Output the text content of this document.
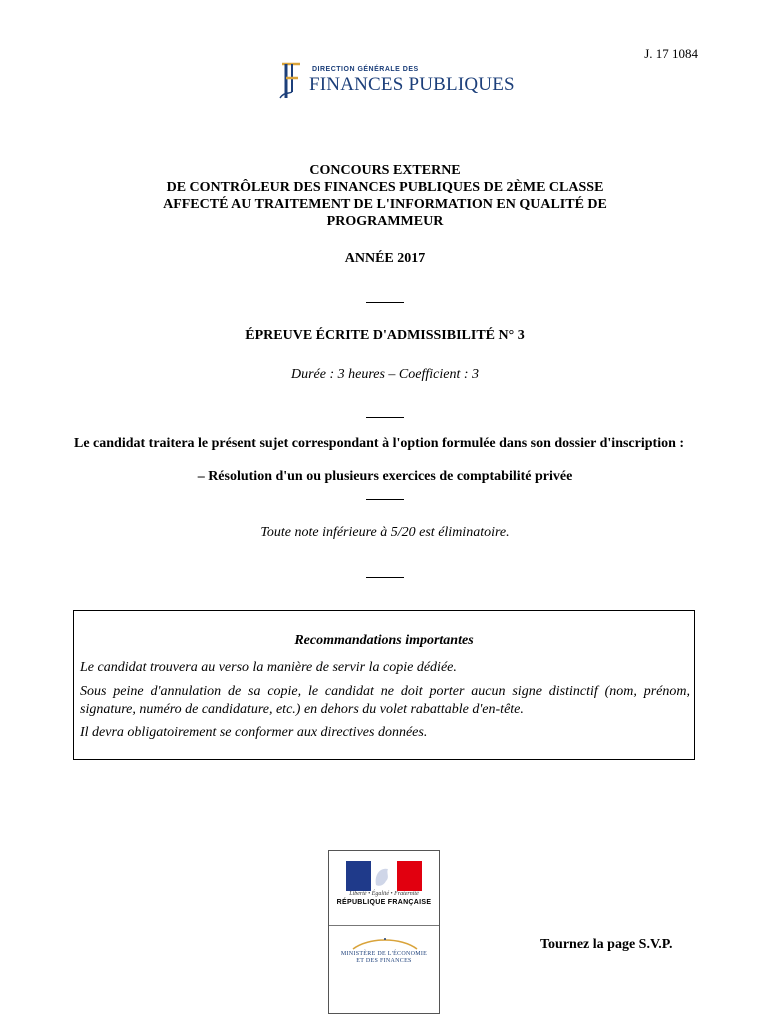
J. 17 1084
DIRECTION GÉNÉRALE DES
FINANCES PUBLIQUES
CONCOURS EXTERNE
DE CONTRÔLEUR DES FINANCES PUBLIQUES DE 2ÈME CLASSE
AFFECTÉ AU TRAITEMENT DE L'INFORMATION EN QUALITÉ DE
PROGRAMMEUR
ANNÉE 2017
ÉPREUVE ÉCRITE D'ADMISSIBILITÉ N° 3
Durée : 3 heures – Coefficient : 3
Le candidat traitera le présent sujet correspondant à l'option formulée dans son dossier d'inscription :
– Résolution d'un ou plusieurs exercices de comptabilité privée
Toute note inférieure à 5/20 est éliminatoire.
Recommandations importantes
Le candidat trouvera au verso la manière de servir la copie dédiée.
Sous peine d'annulation de sa copie, le candidat ne doit porter aucun signe distinctif (nom, prénom, signature, numéro de candidature, etc.) en dehors du volet rabattable d'en-tête.
Il devra obligatoirement se conformer aux directives données.
Liberté • Égalité • Fraternité
RÉPUBLIQUE FRANÇAISE
MINISTÈRE DE L'ÉCONOMIE
ET DES FINANCES
Tournez la page S.V.P.
